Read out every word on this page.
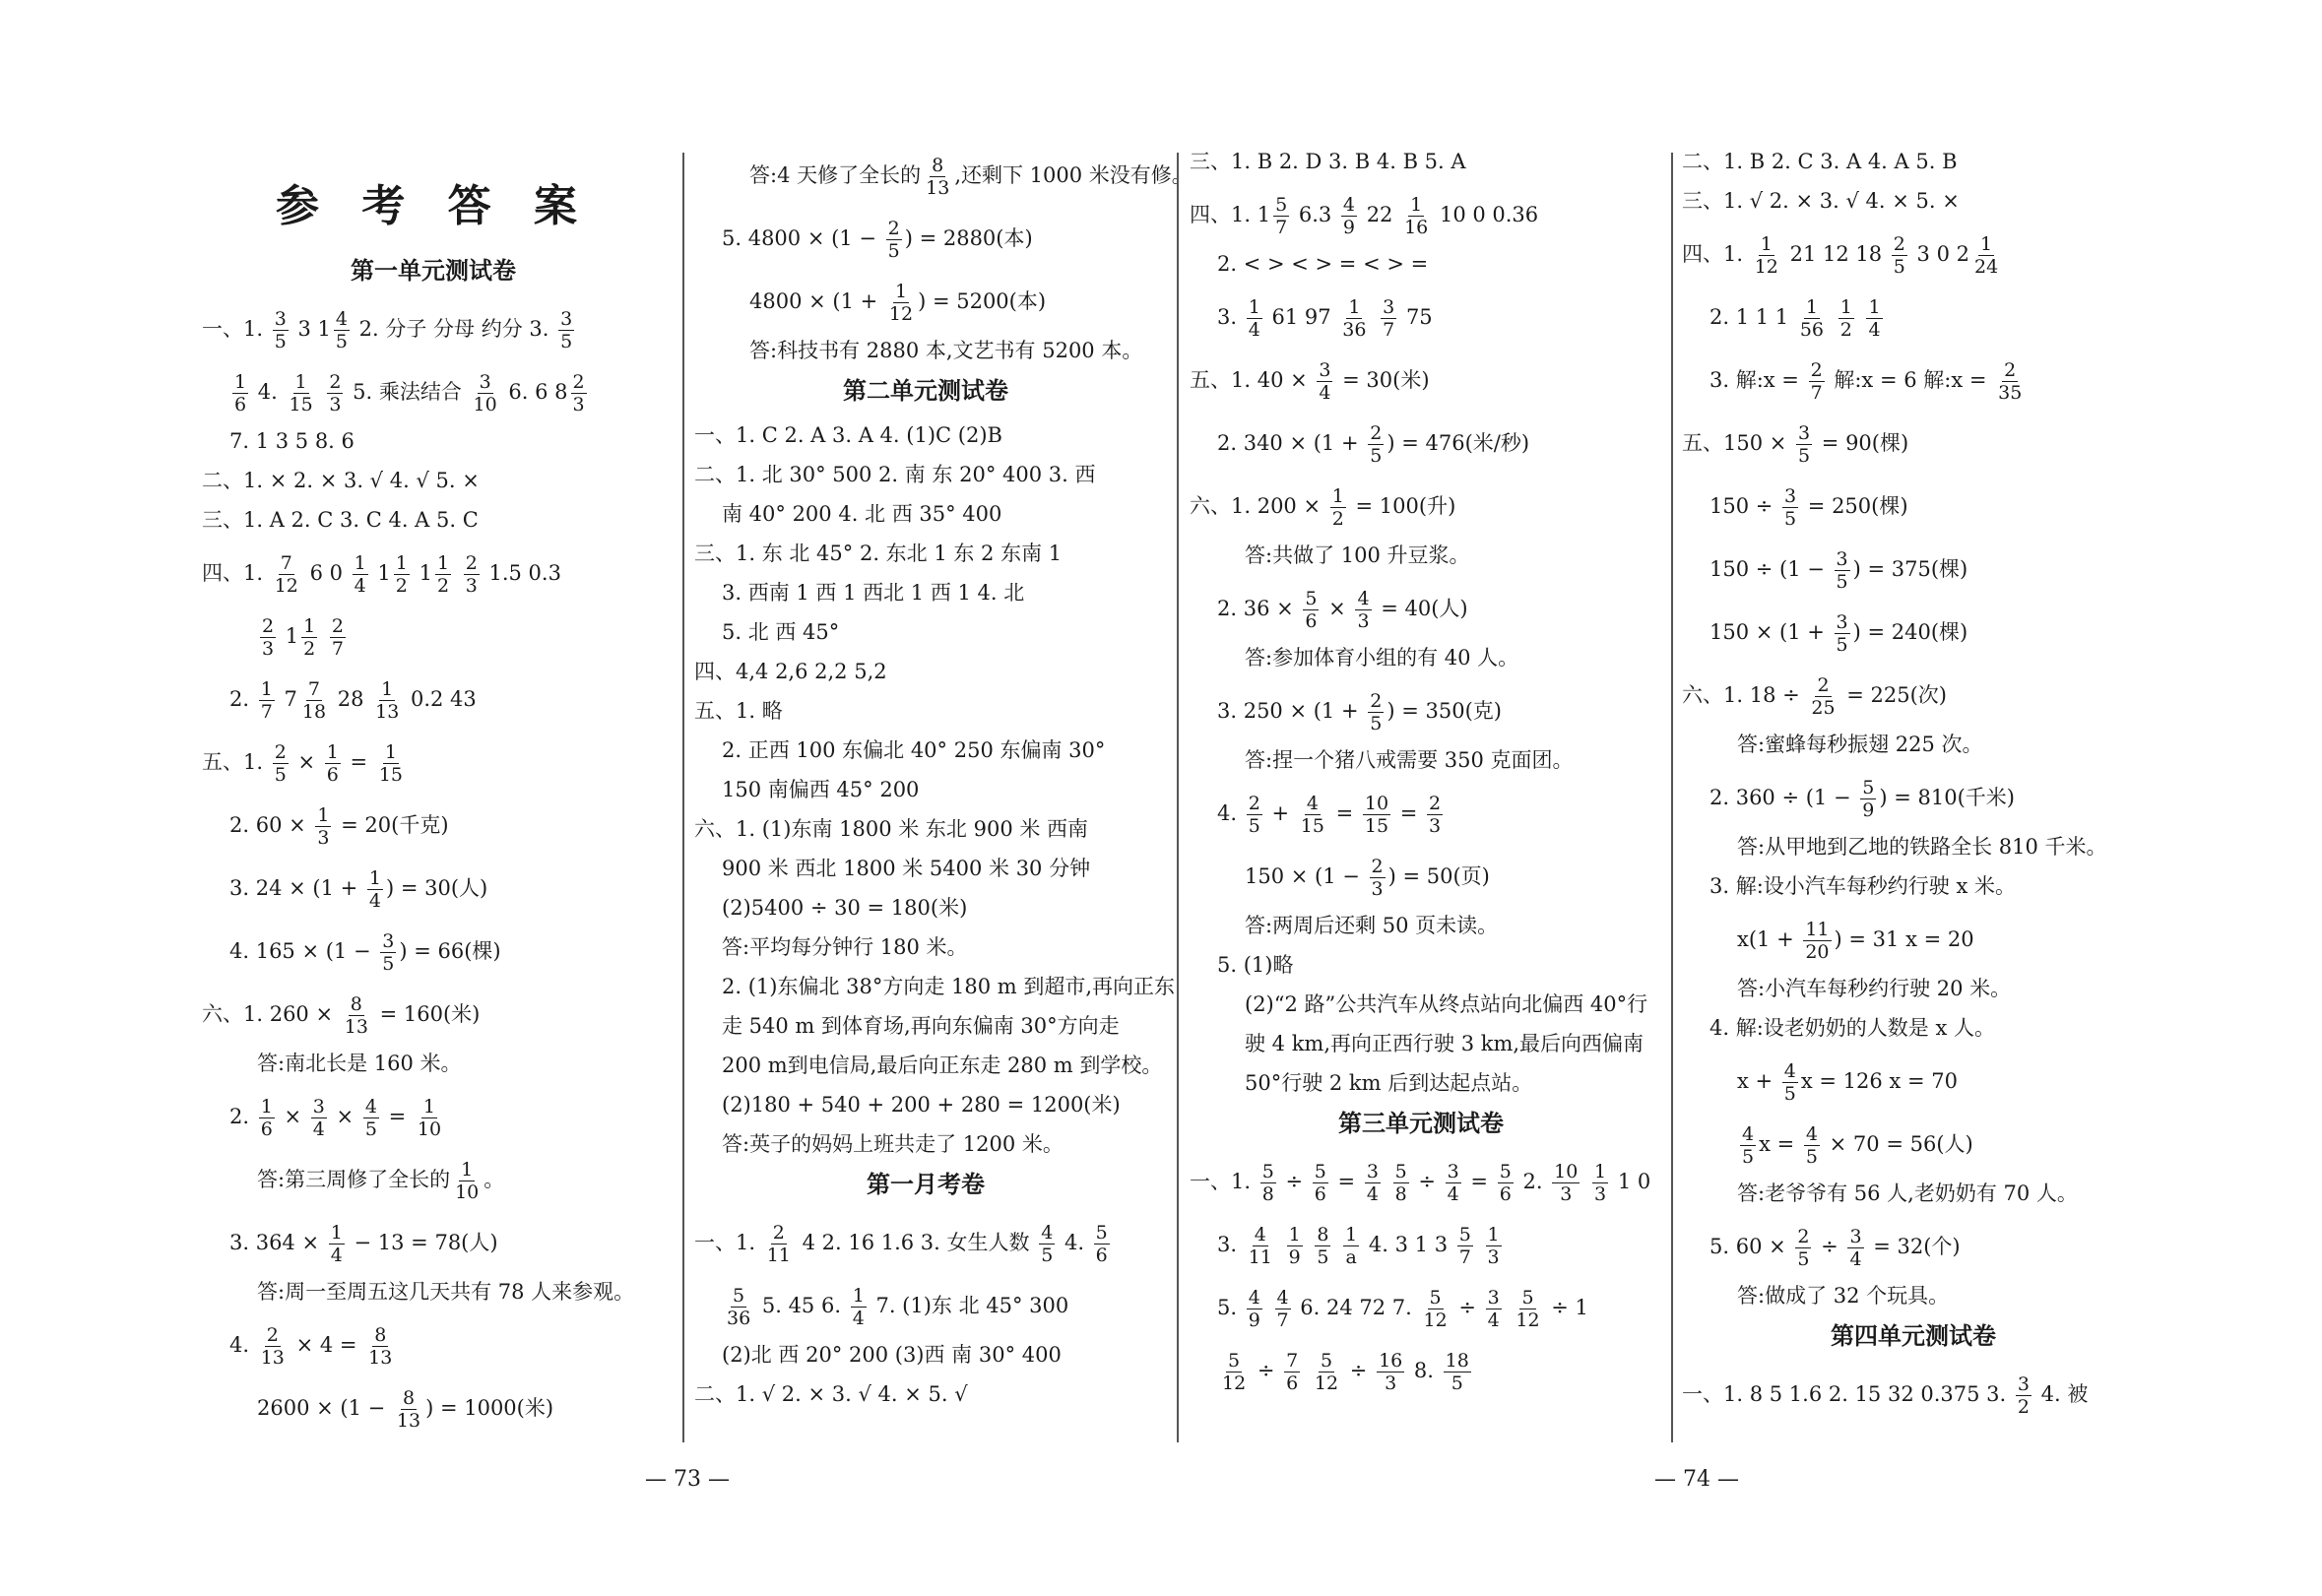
参 考 答 案
第一单元测试卷
一、1. $\frac{3}{5} 3$ $1 \frac{4}{5} 2$. 分子 分母 约分 3. $\frac{3}{5}$
$\frac{1}{6} 4$. $\frac{1}{15}$
$\frac{2}{3} 5$. 乘法结合 $\frac{3}{10} 6$. 6 $8 \frac{2}{3}$
7. 1 3 5 8. 6
二、1. × 2. × 3. √ 4. √ 5. ×
三、1. A 2. C 3. C 4. A 5. C
四、1. $\frac{7}{12} 6$ $0 \frac{1}{4} 1 \frac{1}{2} 1 \frac{1}{2}$
$\frac{2}{3} 1.5$ 0.3
$\frac{2}{3} 1 \frac{1}{2}$
$\frac{2}{7}$
2. $\frac{1}{7} 7 \frac{7}{18} 28 \frac{1}{13} 0.2$ 43
五、1. $\frac{2}{5} \times \frac{1}{6} = \frac{1}{15}$
2. $60 \times \frac{1}{3} = 20$(千克)
3. $24 \times (1 + \frac{1}{4}$ ) = 30(人)
4. $165 \times (1 - \frac{3}{5}$ ) = 66(棵)
六、1. $260 \times \frac{8}{13} = 160$(米)
答:南北长是 160 米。
2. $\frac{1}{6} \times \frac{3}{4} \times \frac{4}{5} = \frac{1}{10}$
答:第三周修了全长的 $\frac{1}{10}$ 。
3. $364 \times \frac{1}{4} - 13 = 78$(人)
答:周一至周五这几天共有 78 人来参观。
4. $\frac{2}{13} \times 4 = \frac{8}{13}$
$2600 \times (1 - \frac{8}{13}$ ) = 1000(米)
答:4 天修了全长的 $\frac{8}{13}$ ,还剩下 1000 米没有修。
5. $4800 \times (1 - \frac{2}{5}$ ) = 2880(本)
$4800 \times (1 + \frac{1}{12}$ ) = 5200(本)
答:科技书有 2880 本,文艺书有 5200 本。
第二单元测试卷
一、1. C 2. A 3. A 4. (1)C (2)B
二、1. 北 30° 500 2. 南 东 20° 400 3. 西
南 40° 200 4. 北 西 35° 400
三、1. 东 北 45° 2. 东北 1 东 2 东南 1
3. 西南 1 西 1 西北 1 西 1 4. 北
5. 北 西 45°
四、4,4 2,6 2,2 5,2
五、1. 略
2. 正西 100 东偏北 40° 250 东偏南 30°
150 南偏西 45° 200
六、1. (1)东南 1800 米 东北 900 米 西南
900 米 西北 1800 米 5400 米 30 分钟
(2)5400 ÷ 30 = 180(米)
答:平均每分钟行 180 米。
2. (1)东偏北 38°方向走 180 m 到超市,再向正东
走 540 m 到体育场,再向东偏南 30°方向走
200 m到电信局,最后向正东走 280 m 到学校。
(2)180 + 540 + 200 + 280 = 1200(米)
答:英子的妈妈上班共走了 1200 米。
第一月考卷
一、1. $\frac{2}{11} 4$ 2. 16 1.6 3. 女生人数 $\frac{4}{5} 4$. $\frac{5}{6}$
$\frac{5}{36} 5$. 45 6. $\frac{1}{4} 7$. (1)东 北 45° 300
(2)北 西 20° 200 (3)西 南 30° 400
二、1. √ 2. × 3. √ 4. × 5. √
三、1. B 2. D 3. B 4. B 5. A
四、1. $1 \frac{5}{7} 6.3 \frac{4}{9} 22 \frac{1}{16} 10$ 0 0.36
2. < > < > = < > =
3. $\frac{1}{4} 61$ $97 \frac{1}{36}$
$\frac{3}{7} 75$
五、1. $40 \times \frac{3}{4} = 30$(米)
2. $340 \times (1 + \frac{2}{5}$ ) = 476(米/秒)
六、1. $200 \times \frac{1}{2} = 100$(升)
答:共做了 100 升豆浆。
2. $36 \times \frac{5}{6} \times \frac{4}{3} = 40$(人)
答:参加体育小组的有 40 人。
3. $250 \times (1 + \frac{2}{5}$ ) = 350(克)
答:捏一个猪八戒需要 350 克面团。
4. $\frac{2}{5} + \frac{4}{15} = \frac{10}{15} = \frac{2}{3}$
$150 \times (1 - \frac{2}{3}$ ) = 50(页)
答:两周后还剩 50 页未读。
5. (1)略
(2)“2 路”公共汽车从终点站向北偏西 40°行
驶 4 km,再向正西行驶 3 km,最后向西偏南
50°行驶 2 km 后到达起点站。
第三单元测试卷
一、1. $\frac{5}{8} \div \frac{5}{6} = \frac{3}{4}$
$\frac{5}{8} \div \frac{3}{4} = \frac{5}{6} 2$. $\frac{10}{3}$
$\frac{1}{3} 1$ 0
3. $\frac{4}{11}$
$\frac{1}{9}$
$\frac{8}{5}$
$\frac{1}{a} 4$. 3 1 $3 \frac{5}{7}$
$\frac{1}{3}$
5. $\frac{4}{9}$
$\frac{4}{7} 6$. 24 72 7. $\frac{5}{12} \div \frac{3}{4}$
$\frac{5}{12} \div 1$
$\frac{5}{12} \div \frac{7}{6}$
$\frac{5}{12} \div \frac{16}{3} 8$. $\frac{18}{5}$
二、1. B 2. C 3. A 4. A 5. B
三、1. √ 2. × 3. √ 4. × 5. ×
四、1. $\frac{1}{12} 21$ 12 $18 \frac{2}{5} 3$ 0 $2 \frac{1}{24}$
2. 1 1 $1 \frac{1}{56}$
$\frac{1}{2}$
$\frac{1}{4}$
3. 解:x = $\frac{2}{7}$ 解:x = 6 解:x = $\frac{2}{35}$
五、$150 \times \frac{3}{5} = 90$(棵)
$150 \div \frac{3}{5} = 250$(棵)
$150 \div (1 - \frac{3}{5}$ ) = 375(棵)
$150 \times (1 + \frac{3}{5}$ ) = 240(棵)
六、1. $18 \div \frac{2}{25} = 225$(次)
答:蜜蜂每秒振翅 225 次。
2. $360 \div (1 - \frac{5}{9}$ ) = 810(千米)
答:从甲地到乙地的铁路全长 810 千米。
3. 解:设小汽车每秒约行驶 x 米。
$x(1 + \frac{11}{20}$ ) = 31 x = 20
答:小汽车每秒约行驶 20 米。
4. 解:设老奶奶的人数是 x 人。
$x + \frac{4}{5}$ x = 126 x = 70
$\frac{4}{5}$ $x = \frac{4}{5} \times 70 = 56$(人)
答:老爷爷有 56 人,老奶奶有 70 人。
5. $60 \times \frac{2}{5} \div \frac{3}{4} = 32$(个)
答:做成了 32 个玩具。
第四单元测试卷
一、1. 8 5 1.6 2. 15 32 0.375 3. $\frac{3}{2} 4$. 被
— 73 —	— 74 —
